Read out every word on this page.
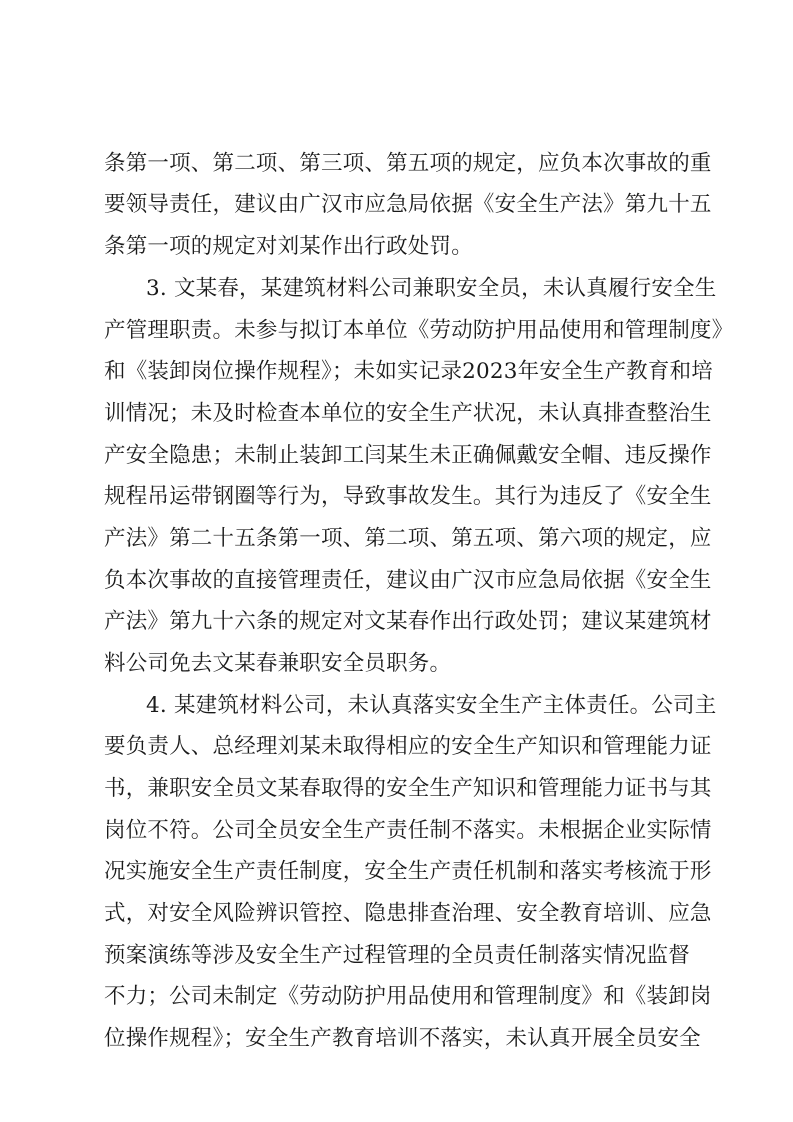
条第一项、第二项、第三项、第五项的规定，应负本次事故的重
要领导责任，建议由广汉市应急局依据《安全生产法》第九十五
条第一项的规定对刘某作出行政处罚。
3. 文某春，某建筑材料公司兼职安全员，未认真履行安全生
产管理职责。未参与拟订本单位《劳动防护用品使用和管理制度》
和《装卸岗位操作规程》；未如实记录2023年安全生产教育和培
训情况；未及时检查本单位的安全生产状况，未认真排查整治生
产安全隐患；未制止装卸工闫某生未正确佩戴安全帽、违反操作
规程吊运带钢圈等行为，导致事故发生。其行为违反了《安全生
产法》第二十五条第一项、第二项、第五项、第六项的规定，应
负本次事故的直接管理责任，建议由广汉市应急局依据《安全生
产法》第九十六条的规定对文某春作出行政处罚；建议某建筑材
料公司免去文某春兼职安全员职务。
4. 某建筑材料公司，未认真落实安全生产主体责任。公司主
要负责人、总经理刘某未取得相应的安全生产知识和管理能力证
书，兼职安全员文某春取得的安全生产知识和管理能力证书与其
岗位不符。公司全员安全生产责任制不落实。未根据企业实际情
况实施安全生产责任制度，安全生产责任机制和落实考核流于形
式，对安全风险辨识管控、隐患排查治理、安全教育培训、应急
预案演练等涉及安全生产过程管理的全员责任制落实情况监督
不力；公司未制定《劳动防护用品使用和管理制度》和《装卸岗
位操作规程》；安全生产教育培训不落实，未认真开展全员安全
